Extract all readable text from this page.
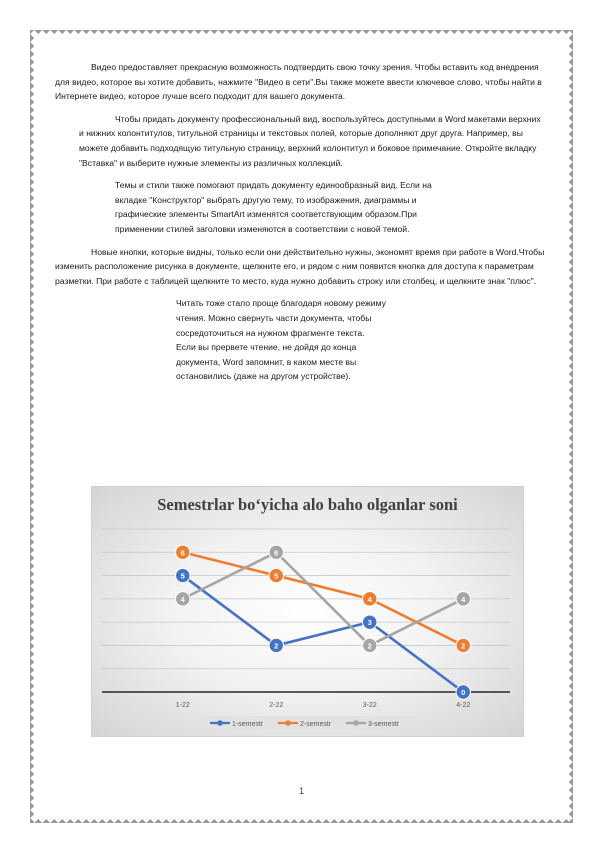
Видео предоставляет прекрасную возможность подтвердить свою точку зрения. Чтобы вставить код внедрения для видео, которое вы хотите добавить, нажмите "Видео в сети".Вы также можете ввести ключевое слово, чтобы найти в Интернете видео, которое лучше всего подходит для вашего документа.

Чтобы придать документу профессиональный вид, воспользуйтесь доступными в Word макетами верхних и нижних колонтитулов, титульной страницы и текстовых полей, которые дополняют друг друга. Например, вы можете добавить подходящую титульную страницу, верхний колонтитул и боковое примечание. Откройте вкладку "Вставка" и выберите нужные элементы из различных коллекций.

Темы и стили также помогают придать документу единообразный вид. Если на вкладке "Конструктор" выбрать другую тему, то изображения, диаграммы и графические элементы SmartArt изменятся соответствующим образом.При применении стилей заголовки изменяются в соответствии с новой темой.

Новые кнопки, которые видны, только если они действительно нужны, экономят время при работе в Word.Чтобы изменить расположение рисунка в документе, щелкните его, и рядом с ним появится кнопка для доступа к параметрам разметки. При работе с таблицей щелкните то место, куда нужно добавить строку или столбец, и щелкните знак "плюс".

Читать тоже стало проще благодаря новому режиму чтения. Можно свернуть части документа, чтобы сосредоточиться на нужном фрагменте текста. Если вы прервете чтение, не дойдя до конца документа, Word запомнит, в каком месте вы остановились (даже на другом устройстве).

Semestrlar bo‘yicha alo baho olganlar soni
1-22	2-22	3-22	4-22
5
2
3
0
6
5
4
2
4
6
2
4
1-semestr	2-semestr	3-semestr
1
